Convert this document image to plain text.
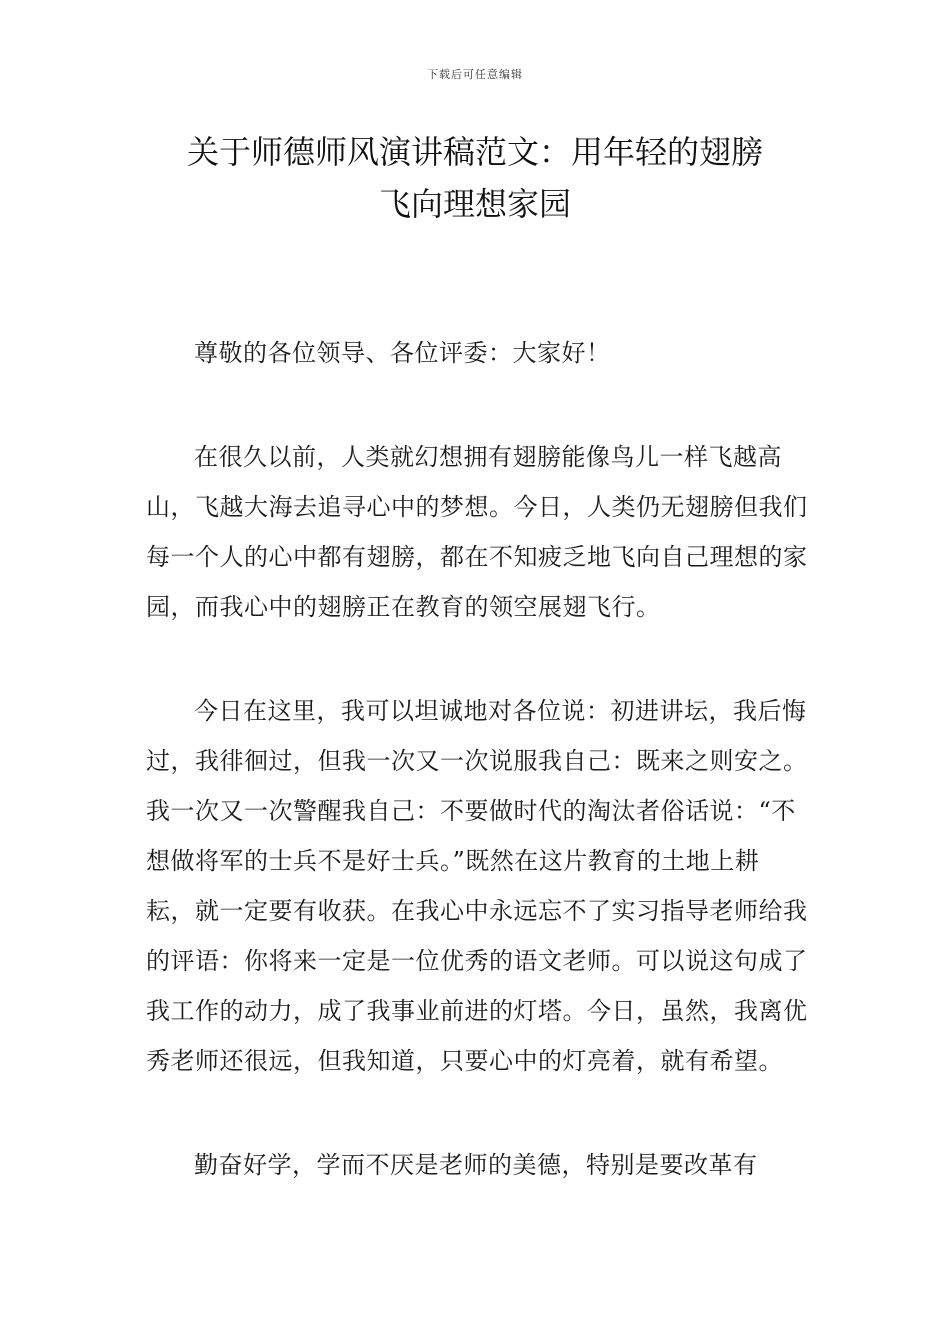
下载后可任意编辑
关于师德师风演讲稿范文：用年轻的翅膀
飞向理想家园

尊敬的各位领导、各位评委：大家好！

在很久以前，人类就幻想拥有翅膀能像鸟儿一样飞越高山，飞越大海去追寻心中的梦想。今日，人类仍无翅膀但我们每一个人的心中都有翅膀，都在不知疲乏地飞向自己理想的家园，而我心中的翅膀正在教育的领空展翅飞行。

今日在这里，我可以坦诚地对各位说：初进讲坛，我后悔过，我徘徊过，但我一次又一次说服我自己：既来之则安之。我一次又一次警醒我自己：不要做时代的淘汰者俗话说：“不想做将军的士兵不是好士兵。”既然在这片教育的土地上耕耘，就一定要有收获。在我心中永远忘不了实习指导老师给我的评语：你将来一定是一位优秀的语文老师。可以说这句成了我工作的动力，成了我事业前进的灯塔。今日，虽然，我离优秀老师还很远，但我知道，只要心中的灯亮着，就有希望。

勤奋好学，学而不厌是老师的美德，特别是要改革有
